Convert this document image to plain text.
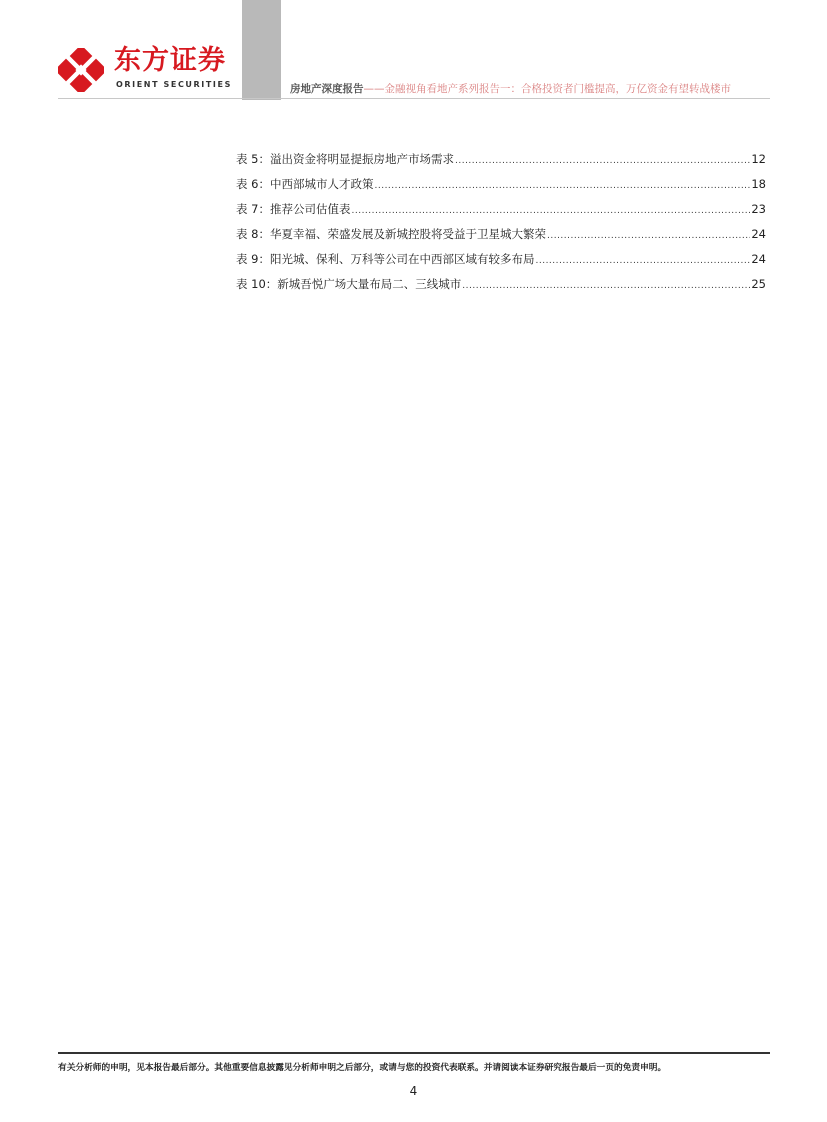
东方证券
ORIENT SECURITIES	房地产深度报告——金融视角看地产系列报告一：合格投资者门槛提高，万亿资金有望转战楼市
表 5： 溢出资金将明显提振房地产市场需求 .....	12
表 6： 中西部城市人才政策 .....	18
表 7： 推荐公司估值表 .....	23
表 8： 华夏幸福、荣盛发展及新城控股将受益于卫星城大繁荣 .....	24
表 9： 阳光城、保利、万科等公司在中西部区域有较多布局 .....	24
表 10： 新城吾悦广场大量布局二、三线城市 .....	25
有关分析师的申明，见本报告最后部分。其他重要信息披露见分析师申明之后部分，或请与您的投资代表联系。并请阅读本证券研究报告最后一页的免责申明。
4
